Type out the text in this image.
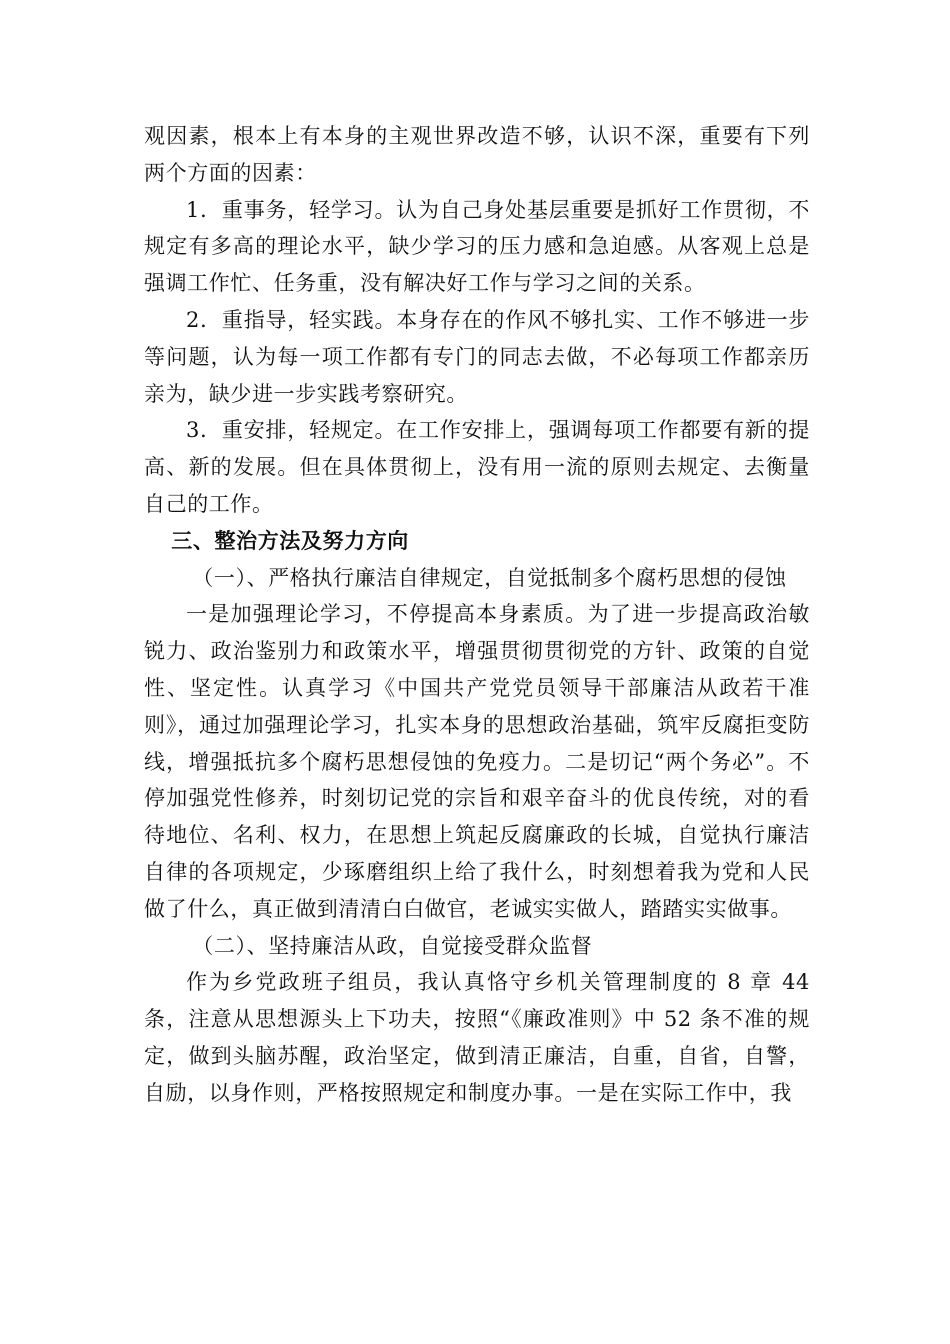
观因素，根本上有本身的主观世界改造不够，认识不深，重要有下列两个方面的因素：

1．重事务，轻学习。认为自己身处基层重要是抓好工作贯彻，不规定有多高的理论水平，缺少学习的压力感和急迫感。从客观上总是强调工作忙、任务重，没有解决好工作与学习之间的关系。

2．重指导，轻实践。本身存在的作风不够扎实、工作不够进一步等问题，认为每一项工作都有专门的同志去做，不必每项工作都亲历亲为，缺少进一步实践考察研究。

3．重安排，轻规定。在工作安排上，强调每项工作都要有新的提高、新的发展。但在具体贯彻上，没有用一流的原则去规定、去衡量自己的工作。

三、整治方法及努力方向

（一）、严格执行廉洁自律规定，自觉抵制多个腐朽思想的侵蚀

一是加强理论学习，不停提高本身素质。为了进一步提高政治敏锐力、政治鉴别力和政策水平，增强贯彻贯彻党的方针、政策的自觉性、坚定性。认真学习《中国共产党党员领导干部廉洁从政若干准则》，通过加强理论学习，扎实本身的思想政治基础，筑牢反腐拒变防线，增强抵抗多个腐朽思想侵蚀的免疫力。二是切记“两个务必”。不停加强党性修养，时刻切记党的宗旨和艰辛奋斗的优良传统，对的看待地位、名利、权力，在思想上筑起反腐廉政的长城，自觉执行廉洁自律的各项规定，少琢磨组织上给了我什么，时刻想着我为党和人民做了什么，真正做到清清白白做官，老诚实实做人，踏踏实实做事。

（二）、坚持廉洁从政，自觉接受群众监督

作为乡党政班子组员，我认真恪守乡机关管理制度的 8 章 44 条，注意从思想源头上下功夫，按照“《廉政准则》中 52 条不准的规定，做到头脑苏醒，政治坚定，做到清正廉洁，自重，自省，自警，自励，以身作则，严格按照规定和制度办事。一是在实际工作中，我
